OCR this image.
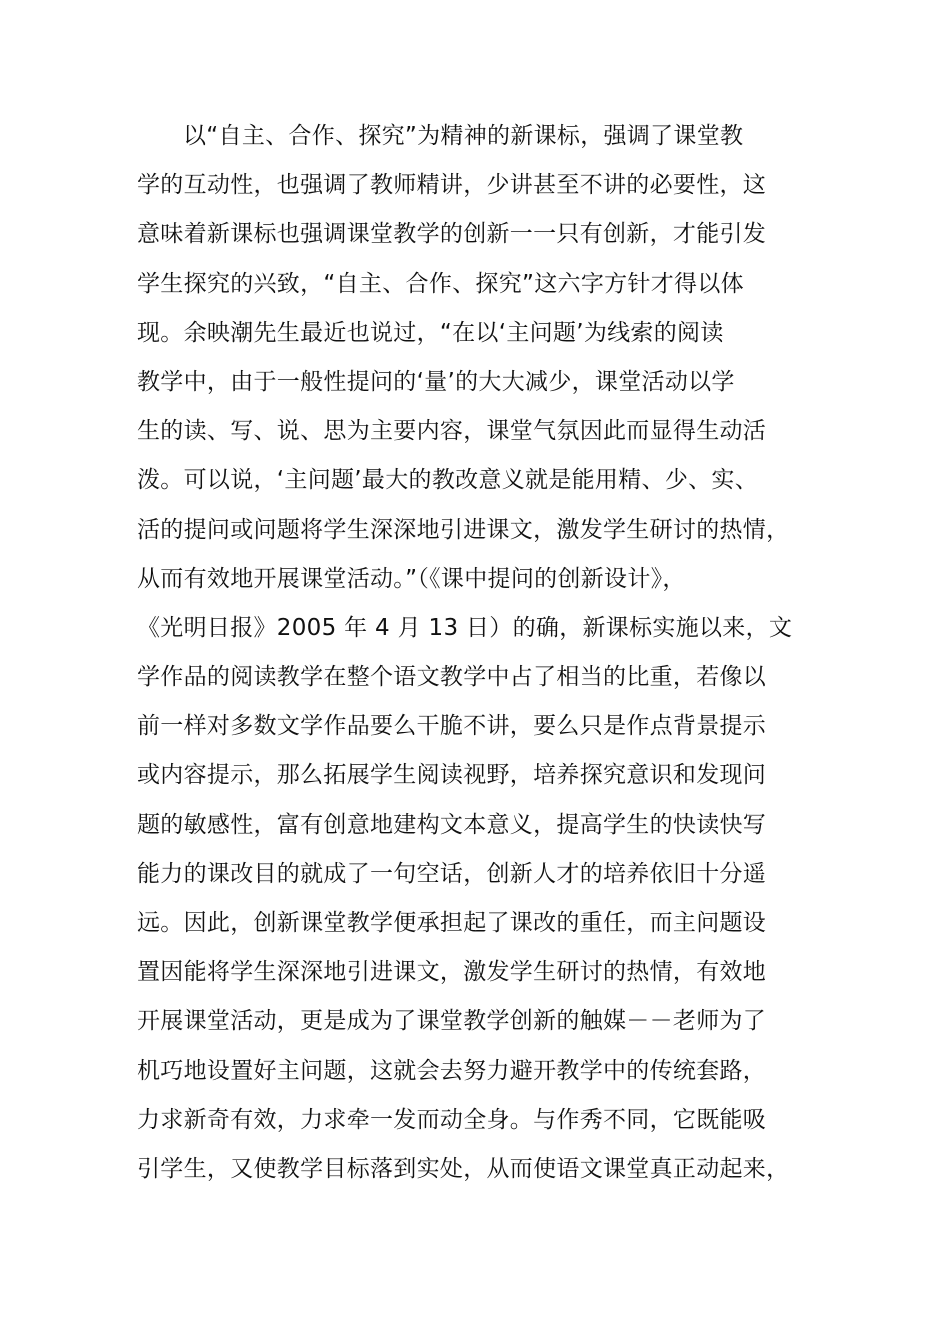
以“自主、合作、探究”为精神的新课标，强调了课堂教
学的互动性，也强调了教师精讲，少讲甚至不讲的必要性，这
意味着新课标也强调课堂教学的创新一一只有创新，才能引发
学生探究的兴致，“自主、合作、探究”这六字方针才得以体
现。余映潮先生最近也说过，“在以‘主问题’为线索的阅读
教学中，由于一般性提问的‘量’的大大减少，课堂活动以学
生的读、写、说、思为主要内容，课堂气氛因此而显得生动活
泼。可以说，‘主问题’最大的教改意义就是能用精、少、实、
活的提问或问题将学生深深地引进课文，激发学生研讨的热情，
从而有效地开展课堂活动。”（《课中提问的创新设计》，
《光明日报》2005 年 4 月 13 日）的确，新课标实施以来，文
学作品的阅读教学在整个语文教学中占了相当的比重，若像以
前一样对多数文学作品要么干脆不讲，要么只是作点背景提示
或内容提示，那么拓展学生阅读视野，培养探究意识和发现问
题的敏感性，富有创意地建构文本意义，提高学生的快读快写
能力的课改目的就成了一句空话，创新人才的培养依旧十分遥
远。因此，创新课堂教学便承担起了课改的重任，而主问题设
置因能将学生深深地引进课文，激发学生研讨的热情，有效地
开展课堂活动，更是成为了课堂教学创新的触媒－－老师为了
机巧地设置好主问题，这就会去努力避开教学中的传统套路，
力求新奇有效，力求牵一发而动全身。与作秀不同，它既能吸
引学生，又使教学目标落到实处，从而使语文课堂真正动起来，
